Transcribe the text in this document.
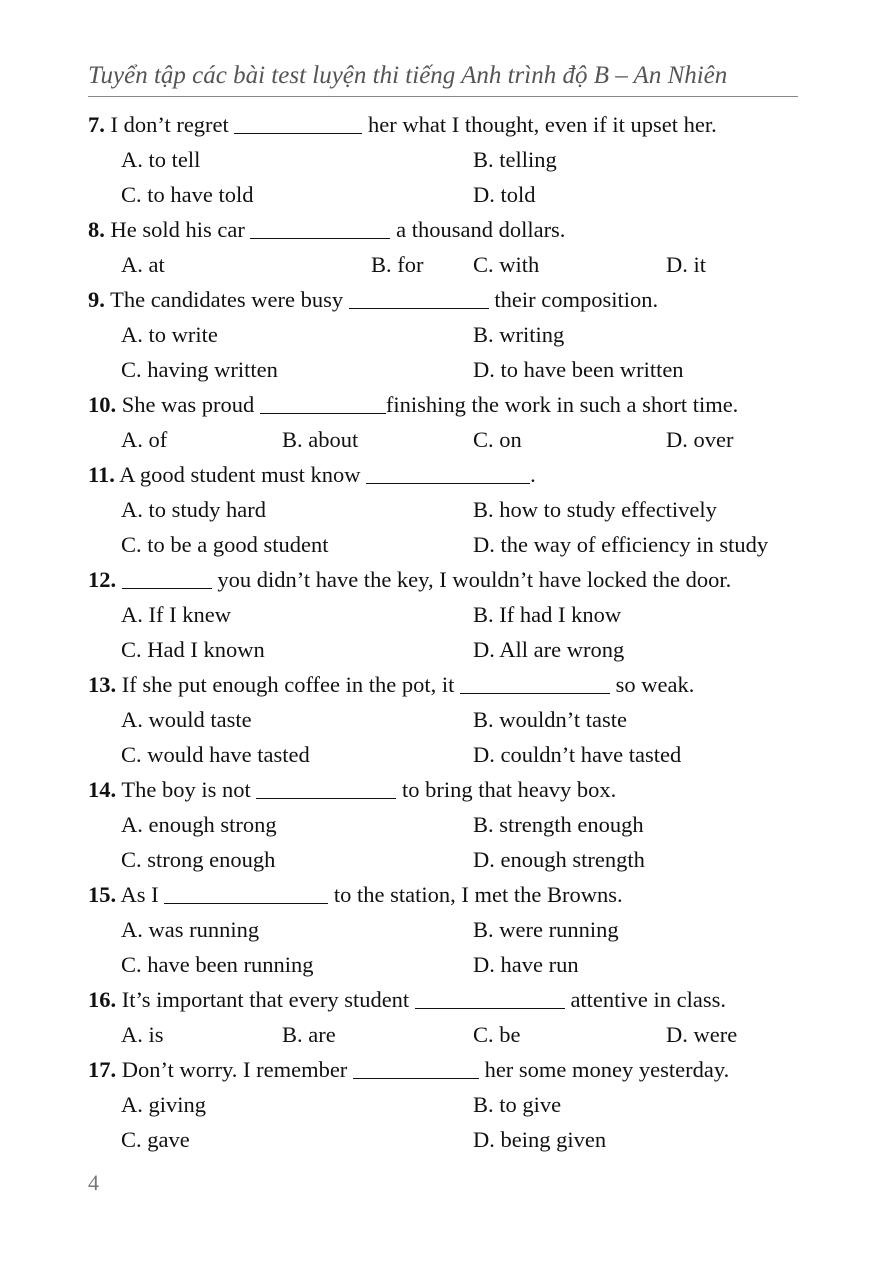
Tuyển tập các bài test luyện thi tiếng Anh trình độ B – An Nhiên
7. I don’t regret	her what I thought, even if it upset her.
A. to tell	B. telling
C. to have told	D. told
8. He sold his car	a thousand dollars.
A. at	B. for C. with	D. it
9. The candidates were busy	their composition.
A. to write	B. writing
C. having written	D. to have been written
10. She was proud	finishing the work in such a short time.
A. of	B. about	C. on	D. over
11. A good student must know	.
A. to study hard	B. how to study effectively
C. to be a good student	D. the way of efficiency in study
12.	you didn’t have the key, I wouldn’t have locked the door.
A. If I knew	B. If had I know
C. Had I known	D. All are wrong
13. If she put enough coffee in the pot, it	so weak.
A. would taste	B. wouldn’t taste
C. would have tasted	D. couldn’t have tasted
14. The boy is not	to bring that heavy box.
A. enough strong	B. strength enough
C. strong enough	D. enough strength
15. As I	to the station, I met the Browns.
A. was running	B. were running
C. have been running	D. have run
16. It’s important that every student	attentive in class.
A. is	B. are	C. be	D. were
17. Don’t worry. I remember	her some money yesterday.
A. giving	B. to give
C. gave	D. being given
4
